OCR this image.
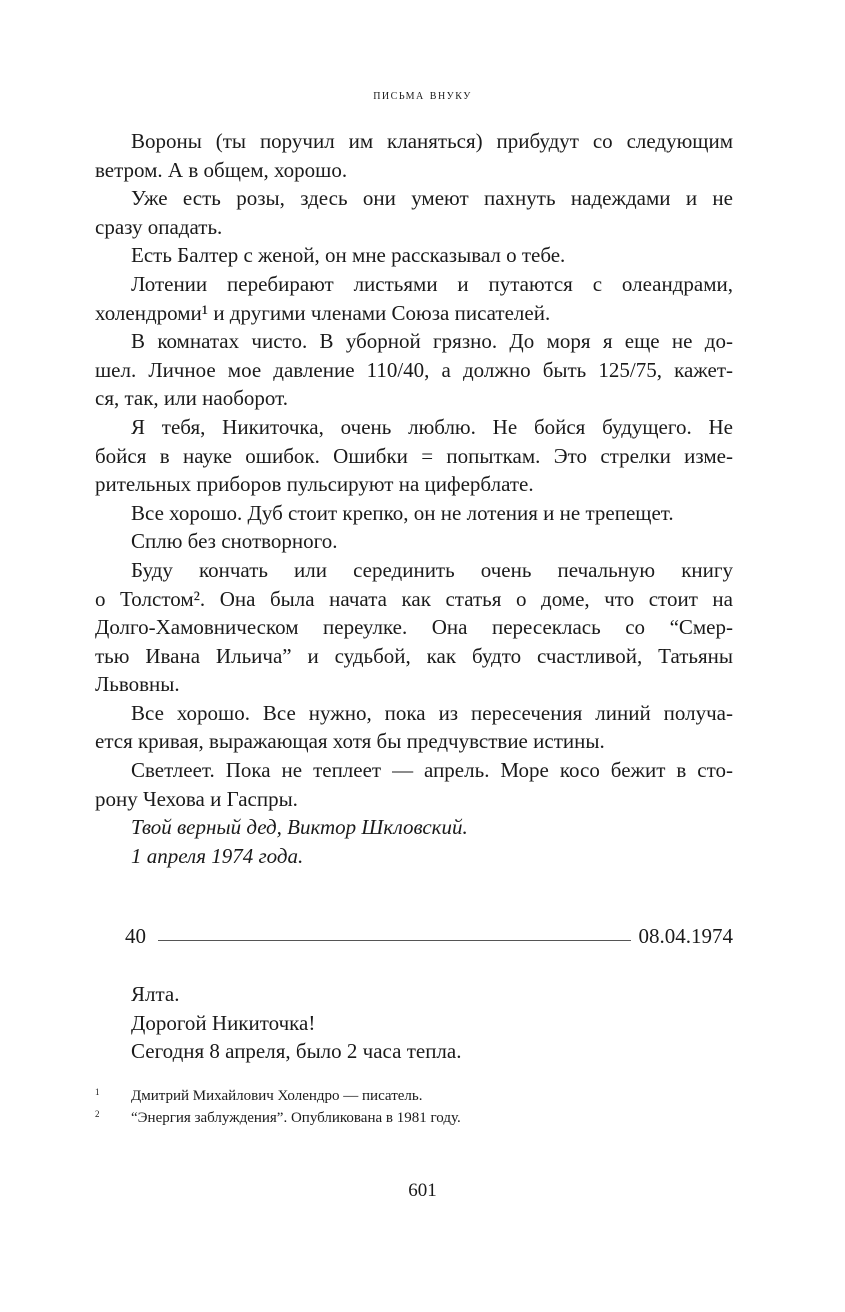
письма внуку
Вороны (ты поручил им кланяться) прибудут со следующим
ветром. А в общем, хорошо.
Уже есть розы, здесь они умеют пахнуть надеждами и не
сразу опадать.
Есть Балтер с женой, он мне рассказывал о тебе.
Лотении перебирают листьями и путаются с олеандрами,
холендроми¹ и другими членами Союза писателей.
В комнатах чисто. В уборной грязно. До моря я еще не до-
шел. Личное мое давление 110/40, а должно быть 125/75, кажет-
ся, так, или наоборот.
Я тебя, Никиточка, очень люблю. Не бойся будущего. Не
бойся в науке ошибок. Ошибки = попыткам. Это стрелки изме-
рительных приборов пульсируют на циферблате.
Все хорошо. Дуб стоит крепко, он не лотения и не трепещет.
Сплю без снотворного.
Буду кончать или серединить очень печальную книгу
о Толстом². Она была начата как статья о доме, что стоит на
Долго-Хамовническом переулке. Она пересеклась со “Смер-
тью Ивана Ильича” и судьбой, как будто счастливой, Татьяны
Львовны.
Все хорошо. Все нужно, пока из пересечения линий получа-
ется кривая, выражающая хотя бы предчувствие истины.
Светлеет. Пока не теплеет — апрель. Море косо бежит в сто-
рону Чехова и Гаспры.
Твой верный дед, Виктор Шкловский.
1 апреля 1974 года.
40	08.04.1974
Ялта.
Дорогой Никиточка!
Сегодня 8 апреля, было 2 часа тепла.
1	Дмитрий Михайлович Холендро — писатель.
2	“Энергия заблуждения”. Опубликована в 1981 году.
601
